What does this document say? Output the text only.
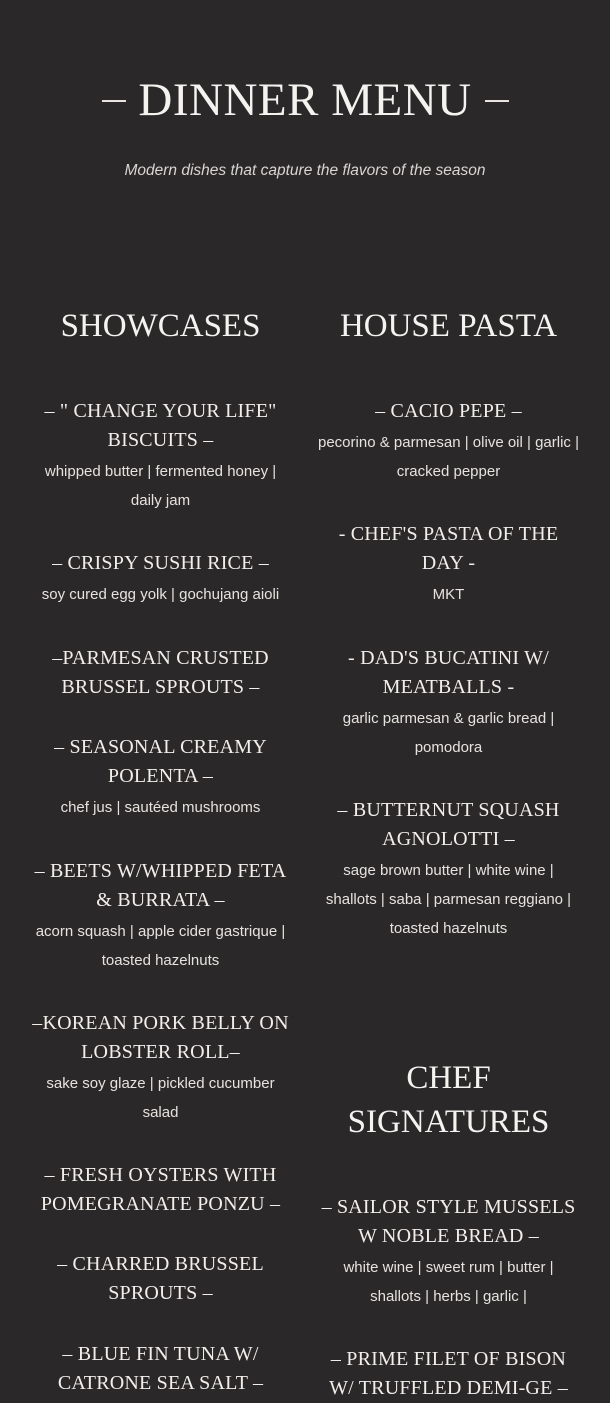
DINNER MENU
Modern dishes that capture the flavors of the season
SHOWCASES
– " CHANGE YOUR LIFE" BISCUITS –
whipped butter | fermented honey | daily jam
– CRISPY SUSHI RICE –
soy cured egg yolk | gochujang aioli
–PARMESAN CRUSTED BRUSSEL SPROUTS –
– SEASONAL CREAMY POLENTA –
chef jus | sautéed mushrooms
– BEETS W/WHIPPED FETA & BURRATA –
acorn squash | apple cider gastrique | toasted hazelnuts
–KOREAN PORK BELLY ON LOBSTER ROLL–
sake soy glaze | pickled cucumber salad
– FRESH OYSTERS WITH POMEGRANATE PONZU –
– CHARRED BRUSSEL SPROUTS –
– BLUE FIN TUNA W/ CATRONE SEA SALT –
HOUSE PASTA
– CACIO PEPE –
pecorino & parmesan | olive oil | garlic | cracked pepper
- CHEF'S PASTA OF THE DAY -
MKT
- DAD'S BUCATINI W/ MEATBALLS -
garlic parmesan & garlic bread | pomodora
– BUTTERNUT SQUASH AGNOLOTTI –
sage brown butter | white wine | shallots | saba | parmesan reggiano | toasted hazelnuts
CHEF SIGNATURES
– SAILOR STYLE MUSSELS W NOBLE BREAD –
white wine | sweet rum | butter | shallots | herbs | garlic |
– PRIME FILET OF BISON W/ TRUFFLED DEMI-GE –
